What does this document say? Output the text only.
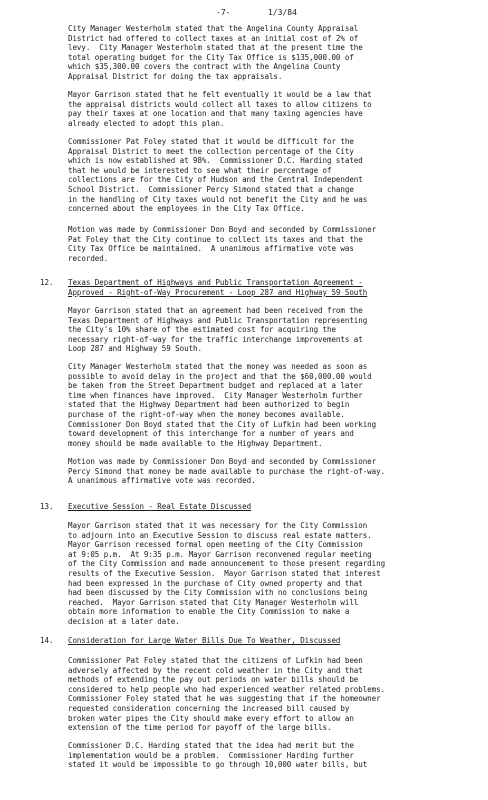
-7-	1/3/84
City Manager Westerholm stated that the Angelina County Appraisal
District had offered to collect taxes at an initial cost of 2% of
levy.  City Manager Westerholm stated that at the present time the
total operating budget for the City Tax Office is $135,000.00 of
which $35,300.00 covers the contract with the Angelina County
Appraisal District for doing the tax appraisals.
Mayor Garrison stated that he felt eventually it would be a law that
the appraisal districts would collect all taxes to allow citizens to
pay their taxes at one location and that many taxing agencies have
already elected to adopt this plan.
Commissioner Pat Foley stated that it would be difficult for the
Appraisal District to meet the collection percentage of the City
which is now established at 98%.  Commissioner D.C. Harding stated
that he would be interested to see what their percentage of
collections are for the City of Hudson and the Central Independent
School District.  Commissioner Percy Simond stated that a change
in the handling of City taxes would not benefit the City and he was
concerned about the employees in the City Tax Office.
Motion was made by Commissioner Don Boyd and seconded by Commissioner
Pat Foley that the City continue to collect its taxes and that the
City Tax Office be maintained.  A unanimous affirmative vote was
recorded.
12. Texas Department of Highways and Public Transportation Agreement -
Approved - Right-of-Way Procurement - Loop 287 and Highway 59 South
Mayor Garrison stated that an agreement had been received from the
Texas Department of Highways and Public Transportation representing
the City's 10% share of the estimated cost for acquiring the
necessary right-of-way for the traffic interchange improvements at
Loop 287 and Highway 59 South.
City Manager Westerholm stated that the money was needed as soon as
possible to avoid delay in the project and that the $60,000.00 would
be taken from the Street Department budget and replaced at a later
time when finances have improved.  City Manager Westerholm further
stated that the Highway Department had been authorized to begin
purchase of the right-of-way when the money becomes available.
Commissioner Don Boyd stated that the City of Lufkin had been working
toward development of this interchange for a number of years and
money should be made available to the Highway Department.
Motion was made by Commissioner Don Boyd and seconded by Commissioner
Percy Simond that money be made available to purchase the right-of-way.
A unanimous affirmative vote was recorded.
13. Executive Session - Real Estate Discussed
Mayor Garrison stated that it was necessary for the City Commission
to adjourn into an Executive Session to discuss real estate matters.
Mayor Garrison recessed formal open meeting of the City Commission
at 9:05 p.m.  At 9:35 p.m. Mayor Garrison reconvened regular meeting
of the City Commission and made announcement to those present regarding
results of the Executive Session.  Mayor Garrison stated that interest
had been expressed in the purchase of City owned property and that
had been discussed by the City Commission with no conclusions being
reached.  Mayor Garrison stated that City Manager Westerholm will
obtain more information to enable the City Commission to make a
decision at a later date.
14. Consideration for Large Water Bills Due To Weather, Discussed
Commissioner Pat Foley stated that the citizens of Lufkin had been
adversely affected by the recent cold weather in the City and that
methods of extending the pay out periods on water bills should be
considered to help people who had experienced weather related problems.
Commissioner Foley stated that he was suggesting that if the homeowner
requested consideration concerning the increased bill caused by
broken water pipes the City should make every effort to allow an
extension of the time period for payoff of the large bills.
Commissioner D.C. Harding stated that the idea had merit but the
implementation would be a problem.  Commissioner Harding further
stated it would be impossible to go through 10,000 water bills, but
